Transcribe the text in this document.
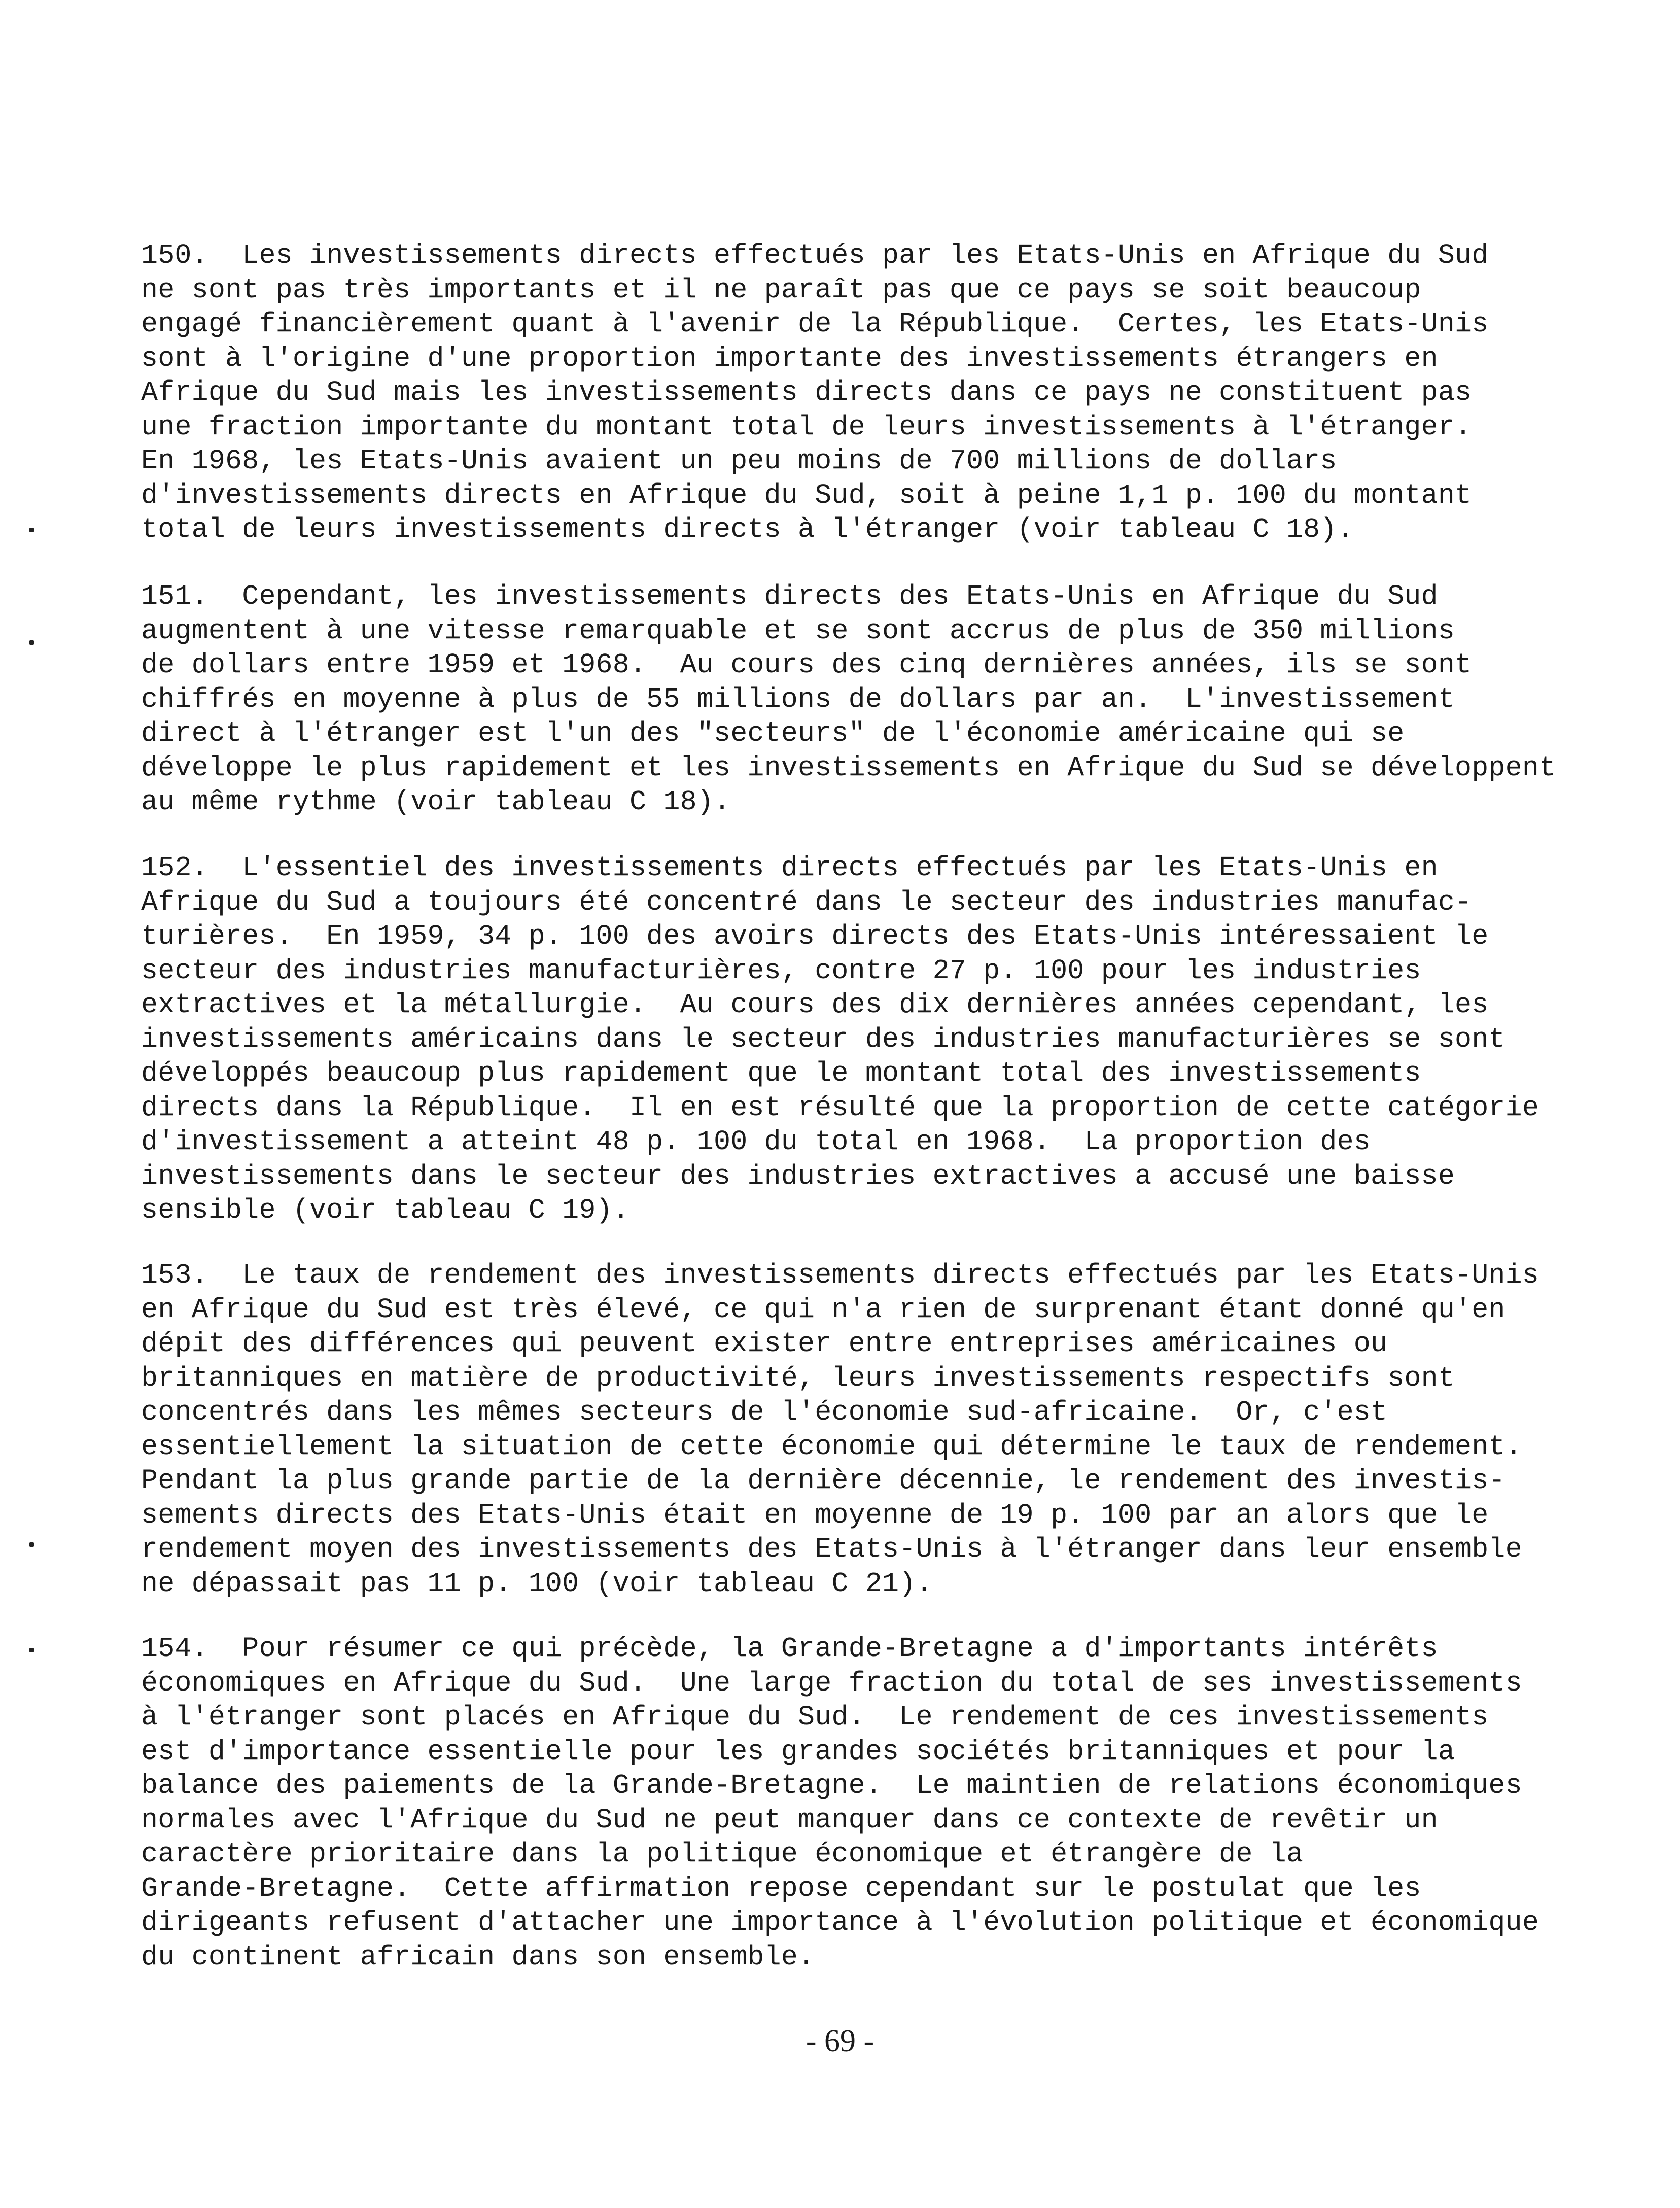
150.  Les investissements directs effectués par les Etats-Unis en Afrique du Sud
ne sont pas très importants et il ne paraît pas que ce pays se soit beaucoup
engagé financièrement quant à l'avenir de la République.  Certes, les Etats-Unis
sont à l'origine d'une proportion importante des investissements étrangers en
Afrique du Sud mais les investissements directs dans ce pays ne constituent pas
une fraction importante du montant total de leurs investissements à l'étranger.
En 1968, les Etats-Unis avaient un peu moins de 700 millions de dollars
d'investissements directs en Afrique du Sud, soit à peine 1,1 p. 100 du montant
total de leurs investissements directs à l'étranger (voir tableau C 18).

151.  Cependant, les investissements directs des Etats-Unis en Afrique du Sud
augmentent à une vitesse remarquable et se sont accrus de plus de 350 millions
de dollars entre 1959 et 1968.  Au cours des cinq dernières années, ils se sont
chiffrés en moyenne à plus de 55 millions de dollars par an.  L'investissement
direct à l'étranger est l'un des "secteurs" de l'économie américaine qui se
développe le plus rapidement et les investissements en Afrique du Sud se développent
au même rythme (voir tableau C 18).

152.  L'essentiel des investissements directs effectués par les Etats-Unis en
Afrique du Sud a toujours été concentré dans le secteur des industries manufac-
turières.  En 1959, 34 p. 100 des avoirs directs des Etats-Unis intéressaient le
secteur des industries manufacturières, contre 27 p. 100 pour les industries
extractives et la métallurgie.  Au cours des dix dernières années cependant, les
investissements américains dans le secteur des industries manufacturières se sont
développés beaucoup plus rapidement que le montant total des investissements
directs dans la République.  Il en est résulté que la proportion de cette catégorie
d'investissement a atteint 48 p. 100 du total en 1968.  La proportion des
investissements dans le secteur des industries extractives a accusé une baisse
sensible (voir tableau C 19).

153.  Le taux de rendement des investissements directs effectués par les Etats-Unis
en Afrique du Sud est très élevé, ce qui n'a rien de surprenant étant donné qu'en
dépit des différences qui peuvent exister entre entreprises américaines ou
britanniques en matière de productivité, leurs investissements respectifs sont
concentrés dans les mêmes secteurs de l'économie sud-africaine.  Or, c'est
essentiellement la situation de cette économie qui détermine le taux de rendement.
Pendant la plus grande partie de la dernière décennie, le rendement des investis-
sements directs des Etats-Unis était en moyenne de 19 p. 100 par an alors que le
rendement moyen des investissements des Etats-Unis à l'étranger dans leur ensemble
ne dépassait pas 11 p. 100 (voir tableau C 21).

154.  Pour résumer ce qui précède, la Grande-Bretagne a d'importants intérêts
économiques en Afrique du Sud.  Une large fraction du total de ses investissements
à l'étranger sont placés en Afrique du Sud.  Le rendement de ces investissements
est d'importance essentielle pour les grandes sociétés britanniques et pour la
balance des paiements de la Grande-Bretagne.  Le maintien de relations économiques
normales avec l'Afrique du Sud ne peut manquer dans ce contexte de revêtir un
caractère prioritaire dans la politique économique et étrangère de la
Grande-Bretagne.  Cette affirmation repose cependant sur le postulat que les
dirigeants refusent d'attacher une importance à l'évolution politique et économique
du continent africain dans son ensemble.

- 69 -
